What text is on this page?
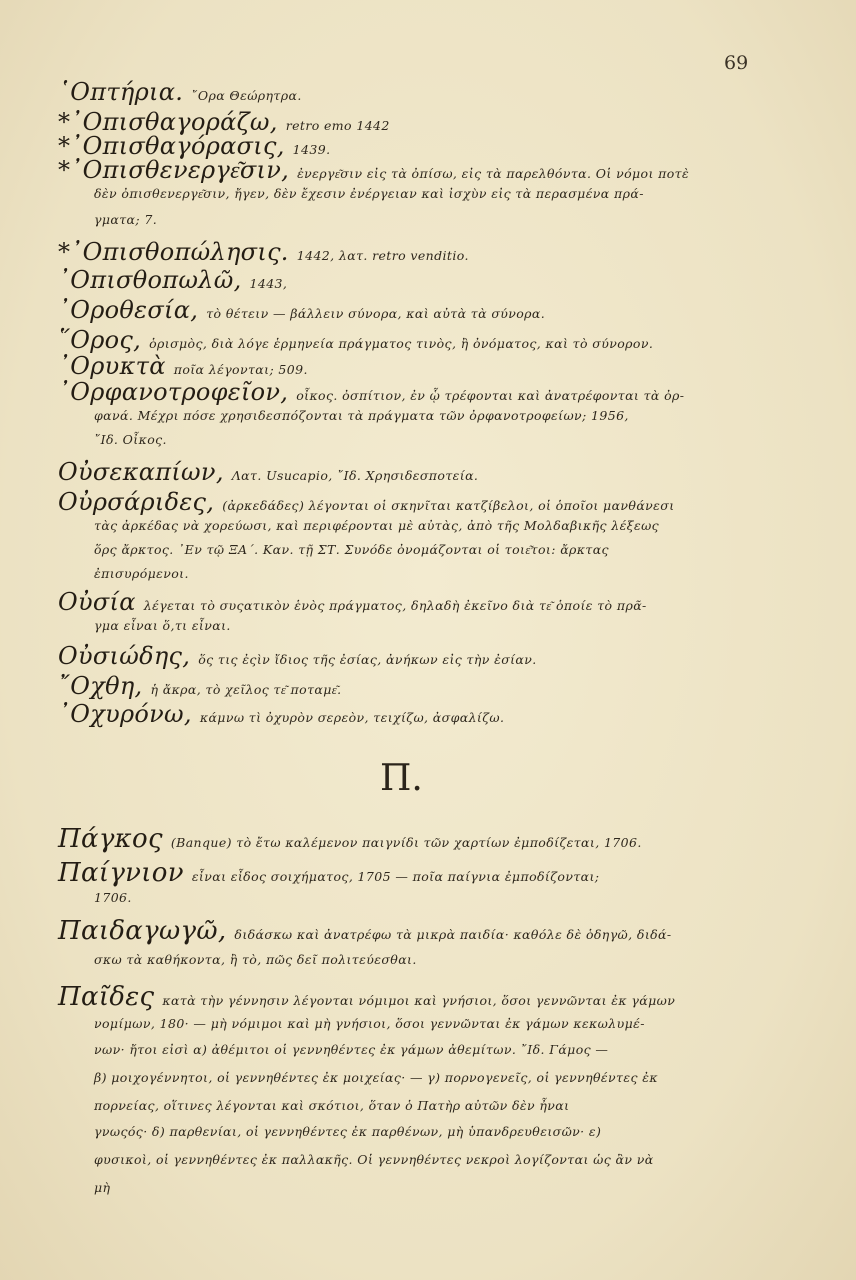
69
῾Οπτήρια. ῎Ορα Θεώρητρα.
*᾿Οπισθαγοράζω, retro emo 1442
*᾿Οπισθαγόρασις, 1439.
*᾿Οπισθενεργε͂σιν, ἐνεργε͂σιν εἰς τὰ ὀπίσω, εἰς τὰ παρελθόντα. Οἱ νόμοι ποτὲ
δὲν ὀπισθενεργε͂σιν, ἤγεν, δὲν ἔχεσιν ἐνέργειαν καὶ ἰσχὺν εἰς τὰ περασμένα πρά-
γματα; 7.
*᾿Οπισθοπώλησις. 1442, λατ. retro venditio.
᾿Οπισθοπωλῶ, 1443,
᾿Οροθεσία, τὸ θέτειν — βάλλειν σύνορα, καὶ αὐτὰ τὰ σύνορα.
῞Ορος, ὁρισμὸς, διὰ λόγε ἑρμηνεία πράγματος τινὸς, ἢ ὀνόματος, καὶ τὸ σύνορον.
᾿Ορυκτὰ ποῖα λέγονται; 509.
᾿Ορφανοτροφεῖον, οἶκος. ὀσπίτιον, ἐν ᾧ τρέφονται καὶ ἀνατρέφονται τὰ ὀρ-
φανά. Μέχρι πόσε χρησιδεσπόζονται τὰ πράγματα τῶν ὀρφανοτροφείων; 1956,
῎Ιδ. Οἶκος.
Οὐσεκαπίων, Λατ. Usucapio, ῎Ιδ. Χρησιδεσποτεία.
Οὐρσάριδες, (ἀρκεδάδες) λέγονται οἱ σκηνῖται κατζίβελοι, οἱ ὁποῖοι μανθάνεσι
τὰς ἀρκέδας νὰ χορεύωσι, καὶ περιφέρονται μὲ αὐτὰς, ἀπὸ τῆς Μολδαβικῆς λέξεως
ὅρς ἄρκτος. ᾿Εν τῷ ΞΑ΄. Καν. τῇ ΣΤ. Συνόδε ὀνομάζονται οἱ τοιε͂τοι: ἄρκτας
ἐπισυρόμενοι.
Οὐσία λέγεται τὸ συςατικὸν ἑνὸς πράγματος, δηλαδὴ ἐκεῖνο διὰ τε͂ ὁποίε τὸ πρᾶ-
γμα εἶναι ὅ,τι εἶναι.
Οὐσιώδης, ὅς τις ἐςὶν ἴδιος τῆς ἐσίας, ἀνήκων εἰς τὴν ἐσίαν.
῎Οχθη, ἡ ἄκρα, τὸ χεῖλος τε͂ ποταμε͂.
᾿Οχυρόνω, κάμνω τὶ ὀχυρὸν σερεὸν, τειχίζω, ἀσφαλίζω.
Π.
Πάγκος (Banque) τὸ ἔτω καλέμενον παιγνίδι τῶν χαρτίων ἐμποδίζεται, 1706.
Παίγνιον εἶναι εἶδος σοιχήματος, 1705 — ποῖα παίγνια ἐμποδίζονται;
1706.
Παιδαγωγῶ, διδάσκω καὶ ἀνατρέφω τὰ μικρὰ παιδία· καθόλε δὲ ὁδηγῶ, διδά-
σκω τὰ καθήκοντα, ἢ τὸ, πῶς δεῖ πολιτεύεσθαι.
Παῖδες κατὰ τὴν γέννησιν λέγονται νόμιμοι καὶ γνήσιοι, ὅσοι γεννῶνται ἐκ γάμων
νομίμων, 180· — μὴ νόμιμοι καὶ μὴ γνήσιοι, ὅσοι γεννῶνται ἐκ γάμων κεκωλυμέ-
νων· ἤτοι εἰσὶ α) ἀθέμιτοι οἱ γεννηθέντες ἐκ γάμων ἀθεμίτων. ῎Ιδ. Γάμος —
β) μοιχογέννητοι, οἱ γεννηθέντες ἐκ μοιχείας· — γ) πορνογενεῖς, οἱ γεννηθέντες ἐκ
πορνείας, οἵτινες λέγονται καὶ σκότιοι, ὅταν ὁ Πατὴρ αὐτῶν δὲν ἦναι
γνωςός· δ) παρθενίαι, οἱ γεννηθέντες ἐκ παρθένων, μὴ ὑπανδρευθεισῶν· ε)
φυσικοὶ, οἱ γεννηθέντες ἐκ παλλακῆς. Οἱ γεννηθέντες νεκροὶ λογίζονται ὡς ἂν νὰ
μὴ
